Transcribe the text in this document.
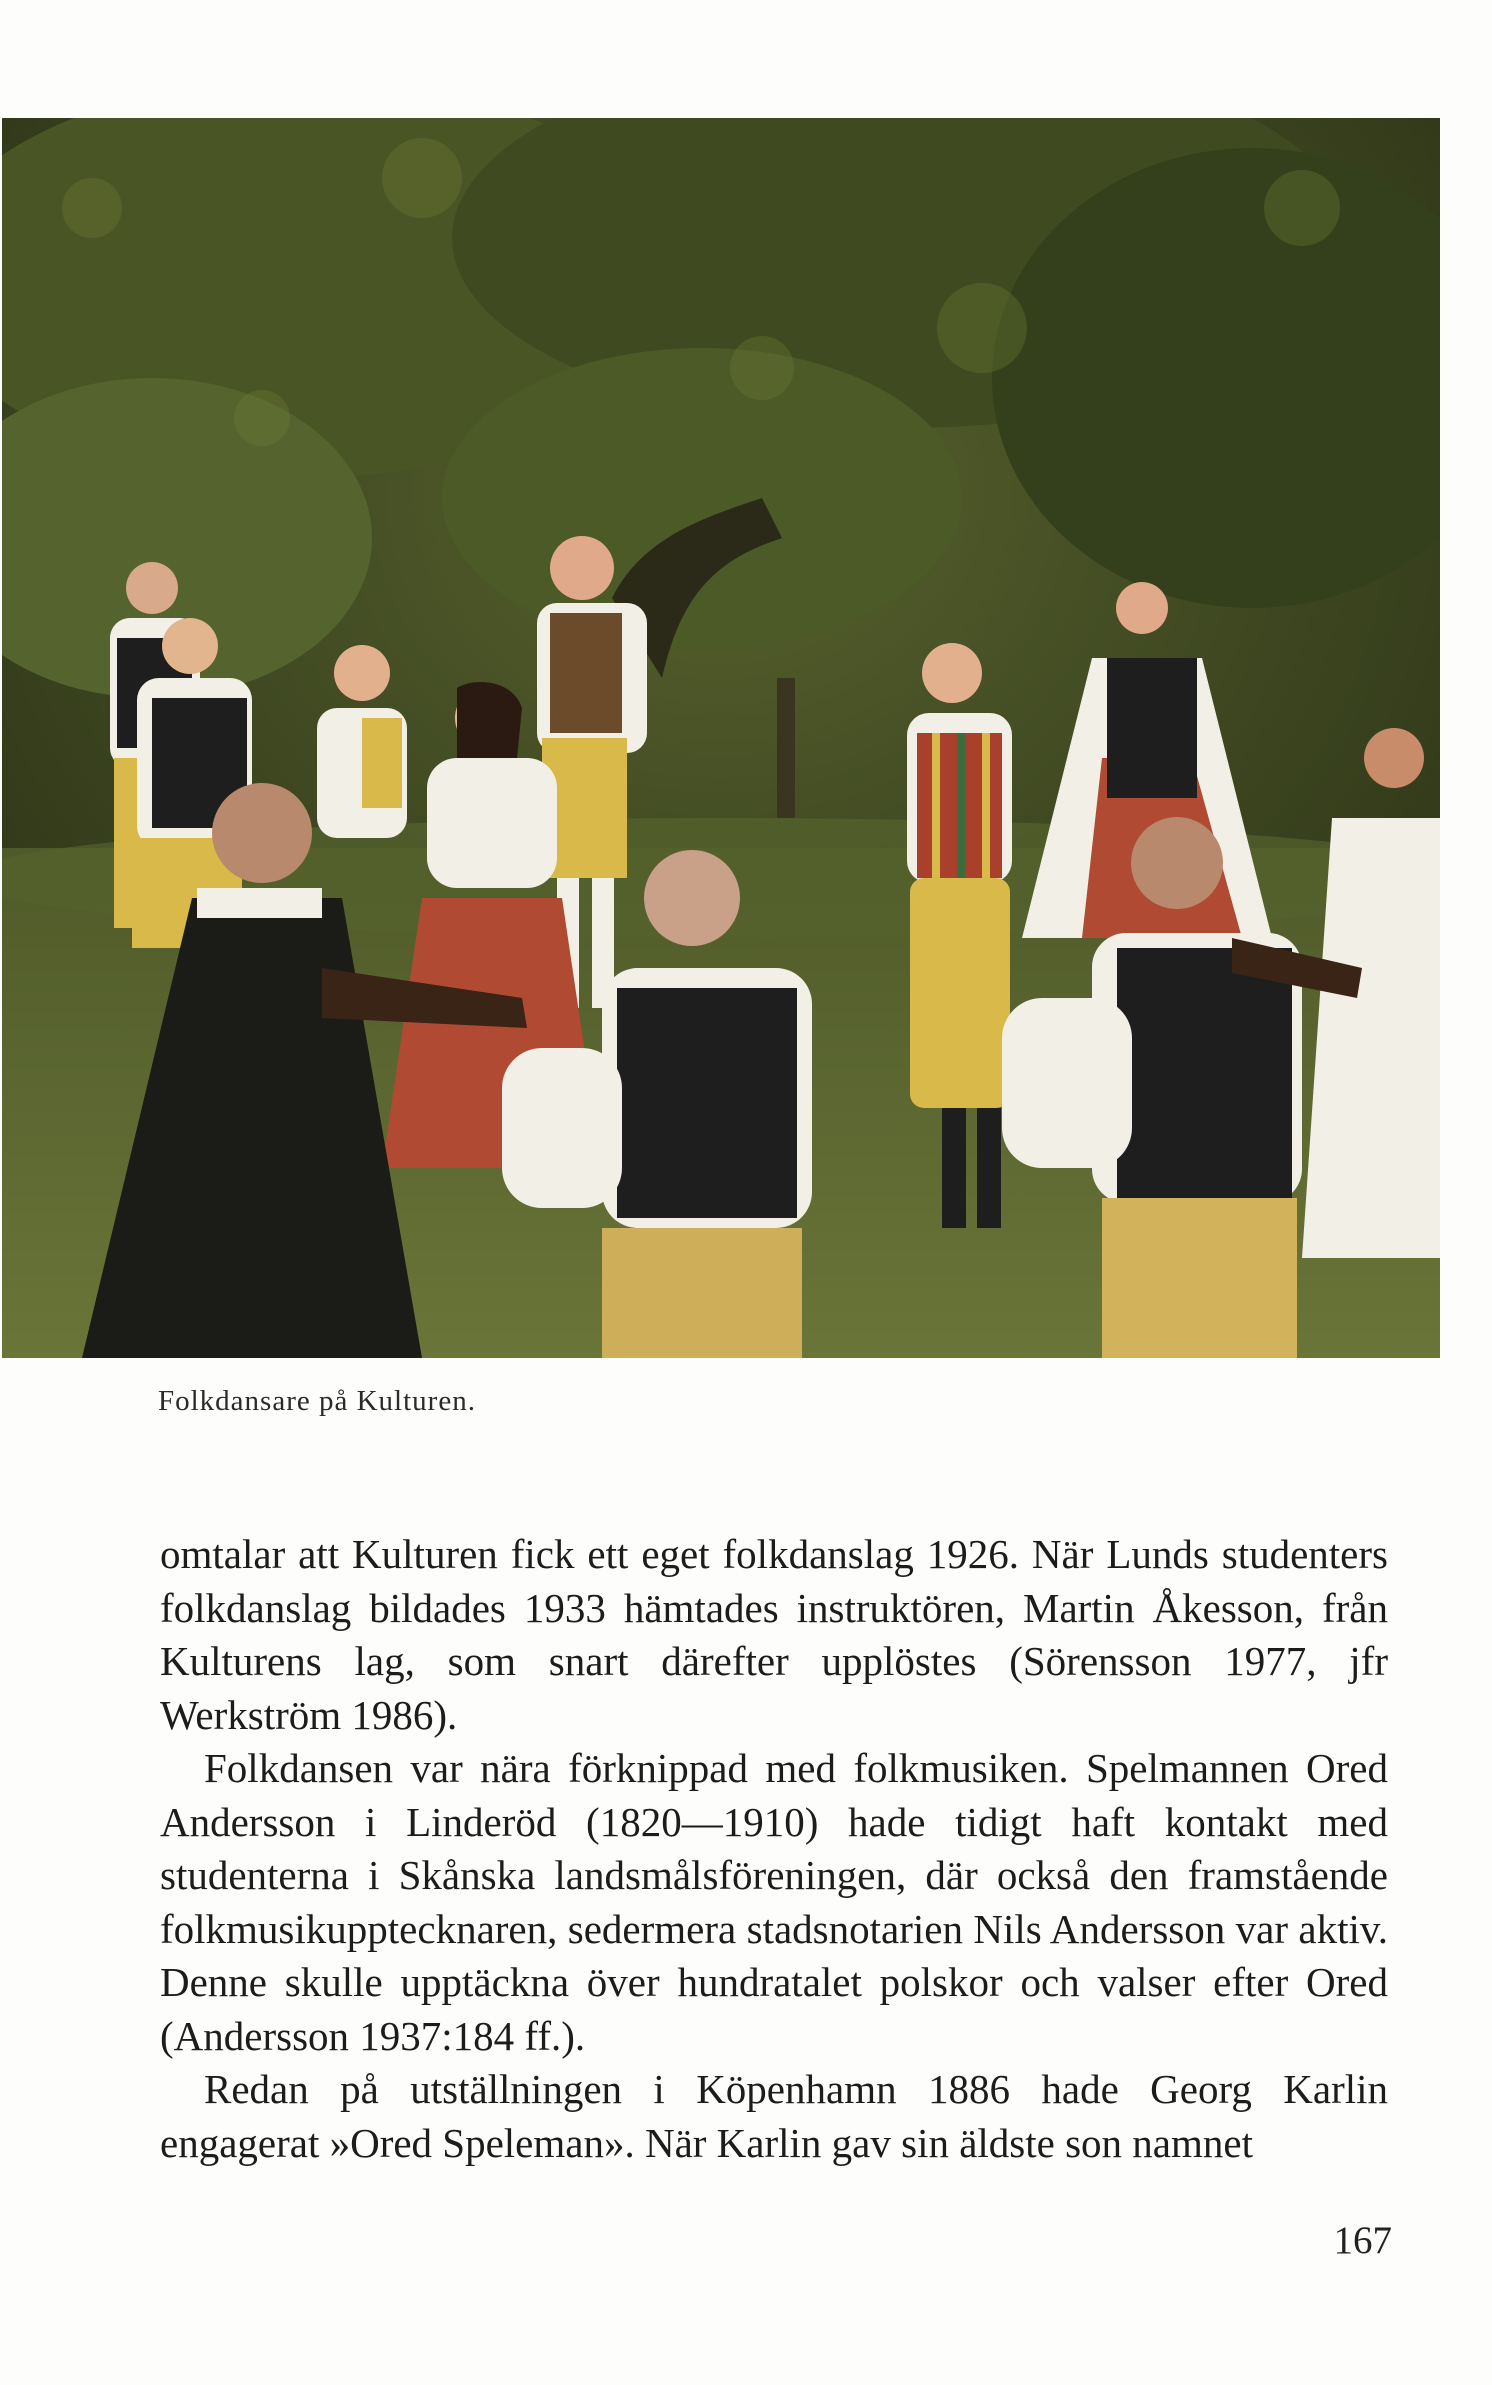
Folkdansare på Kulturen.

omtalar att Kulturen fick ett eget folkdanslag 1926. När Lunds studenters folkdanslag bildades 1933 hämtades instruktören, Martin Åkesson, från Kulturens lag, som snart därefter upplöstes (Sörensson 1977, jfr Werkström 1986).

Folkdansen var nära förknippad med folkmusiken. Spelmannen Ored Andersson i Linderöd (1820—1910) hade tidigt haft kontakt med studenterna i Skånska landsmålsföreningen, där också den framstående folkmusikupptecknaren, sedermera stadsnotarien Nils Andersson var aktiv. Denne skulle upptäckna över hundratalet polskor och valser efter Ored (Andersson 1937:184 ff.).

Redan på utställningen i Köpenhamn 1886 hade Georg Karlin engagerat »Ored Speleman». När Karlin gav sin äldste son namnet

167
